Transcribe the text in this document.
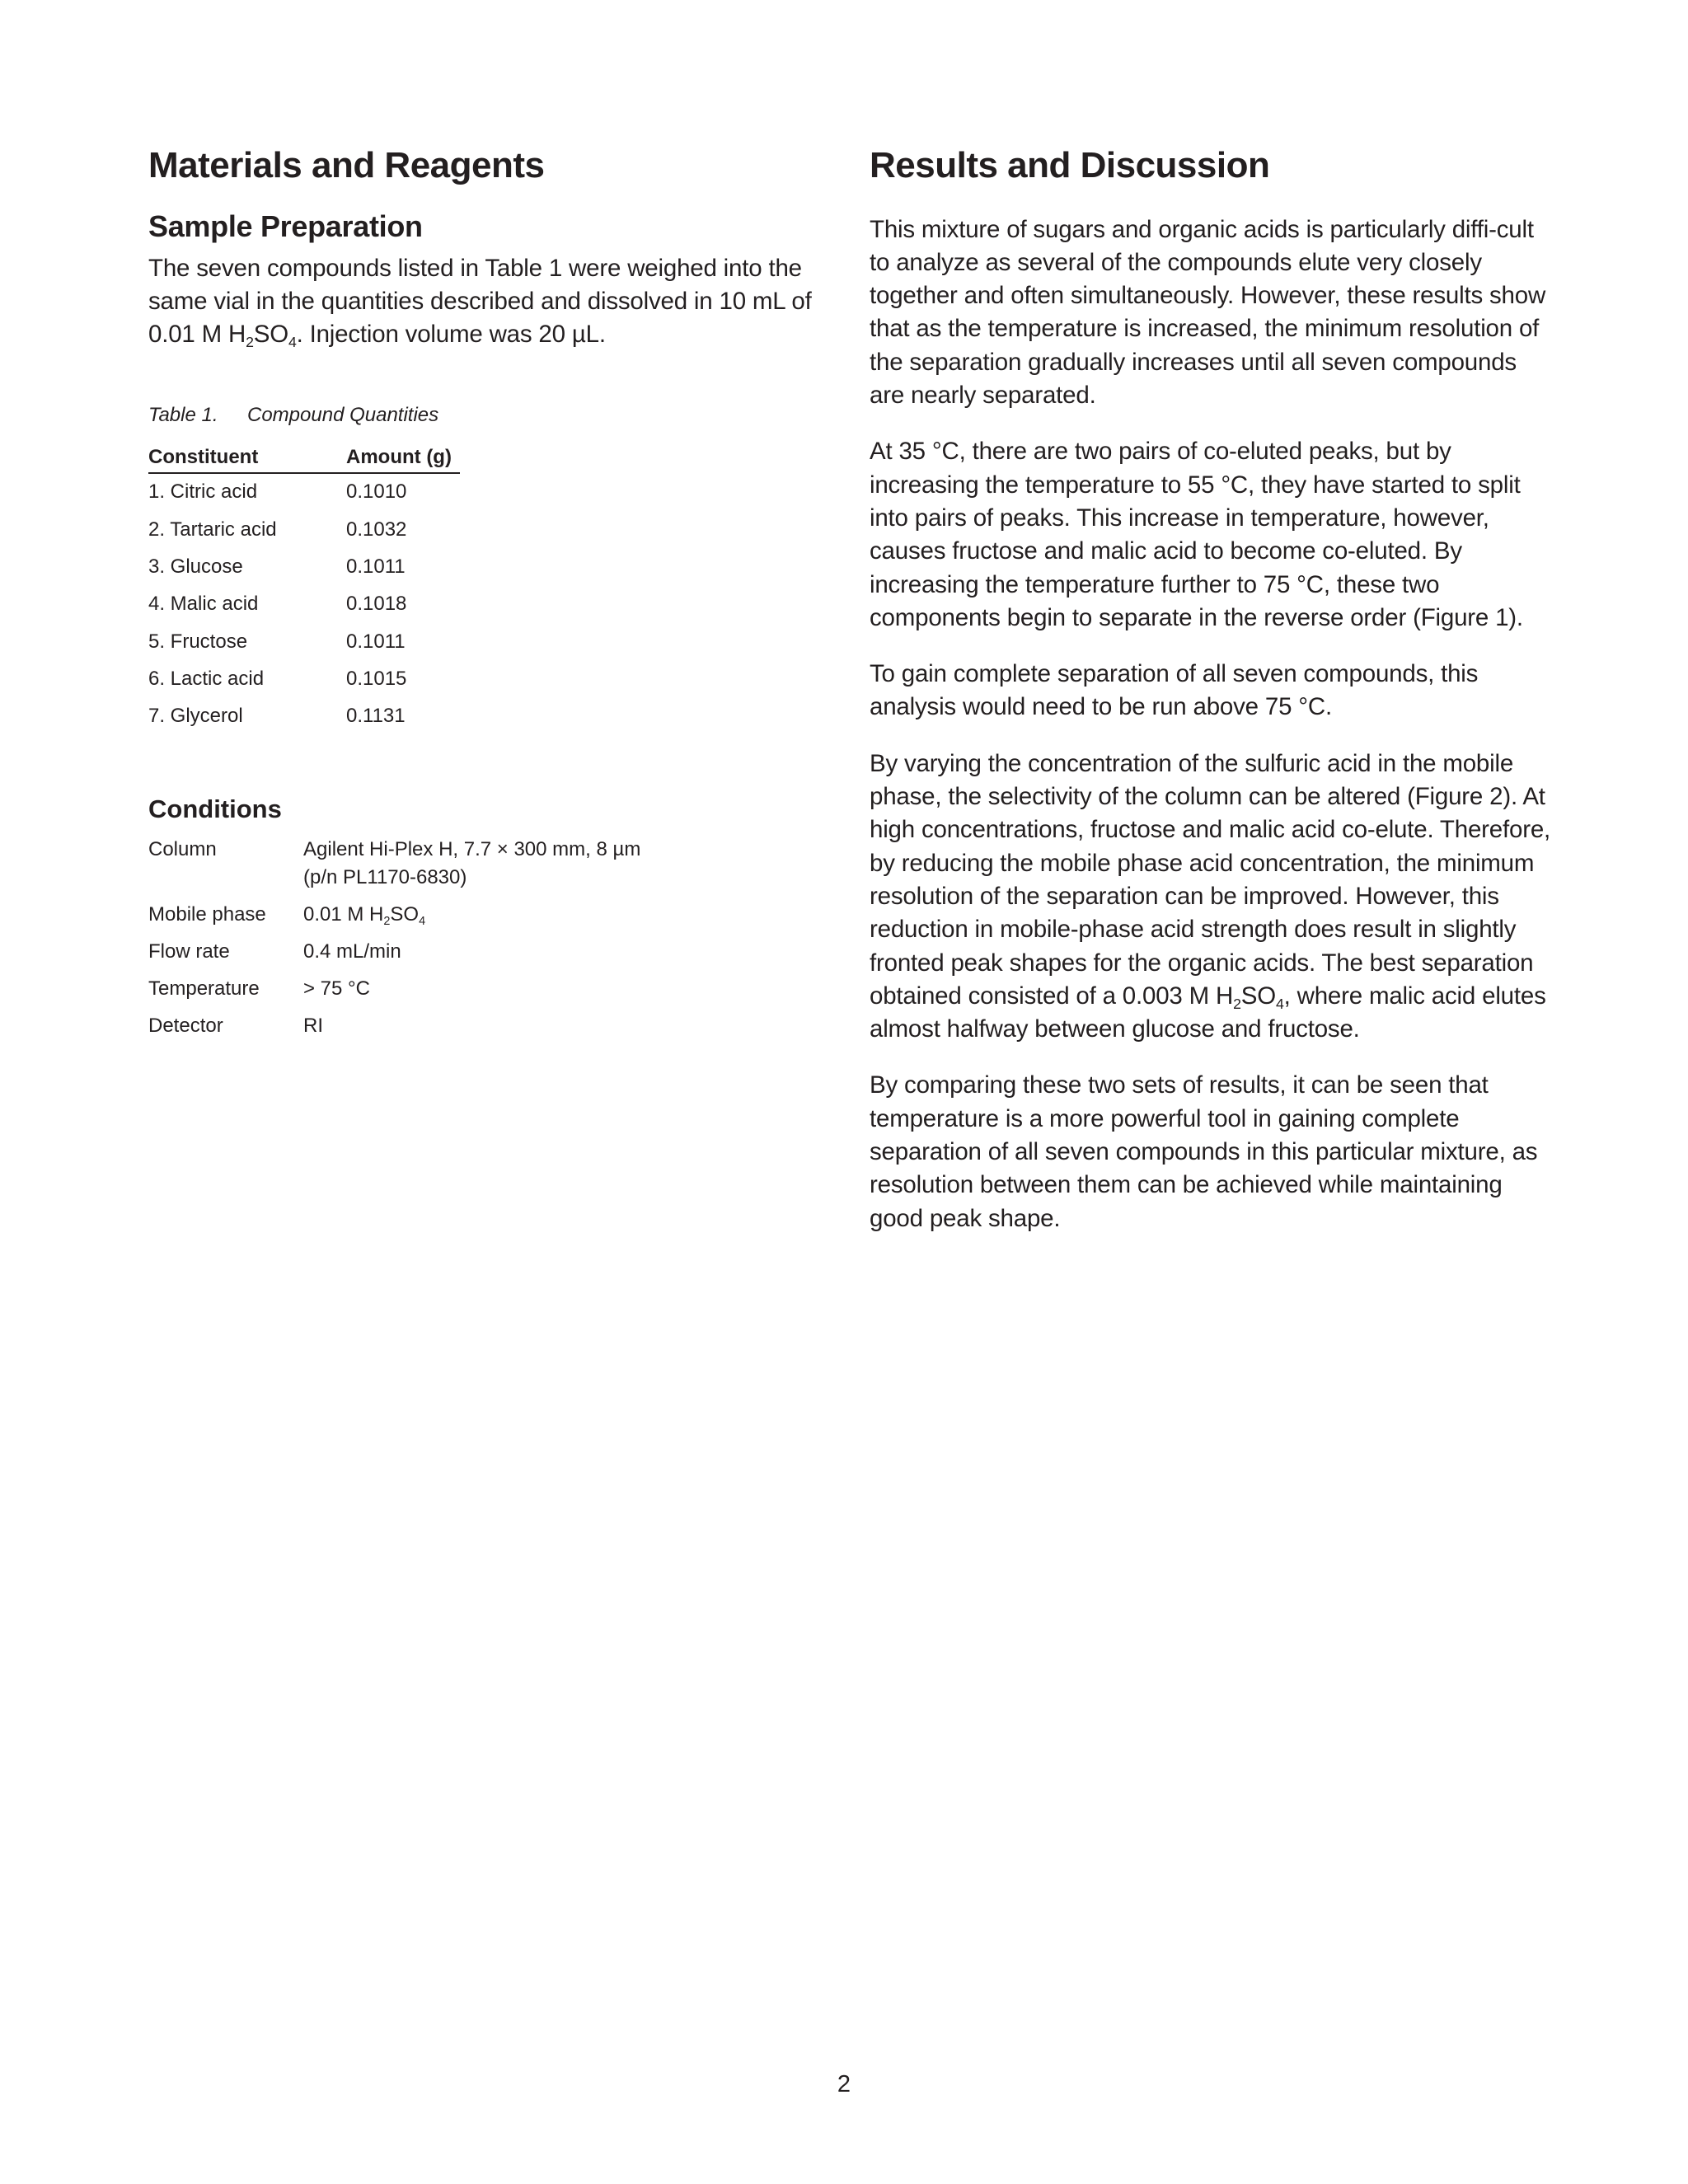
Materials and Reagents
Sample Preparation

The seven compounds listed in Table 1 were weighed into the same vial in the quantities described and dissolved in 10 mL of 0.01 M $H_2SO_4$. Injection volume was 20 µL.

Table 1.	Compound Quantities
Constituent	Amount (g)
1. Citric acid	0.1010
2. Tartaric acid	0.1032
3. Glucose	0.1011
4. Malic acid	0.1018
5. Fructose	0.1011
6. Lactic acid	0.1015
7. Glycerol	0.1131
Conditions
Column	Agilent Hi-Plex H, 7.7 × 300 mm, 8 µm
(p/n PL1170-6830)
Mobile phase	0.01 M $H_2SO_4$
Flow rate	0.4 mL/min
Temperature	> 75 °C
Detector	RI
Results and Discussion

This mixture of sugars and organic acids is particularly diffi-cult to analyze as several of the compounds elute very closely together and often simultaneously. However, these results show that as the temperature is increased, the minimum resolution of the separation gradually increases until all seven compounds are nearly separated.

At 35 °C, there are two pairs of co-eluted peaks, but by increasing the temperature to 55 °C, they have started to split into pairs of peaks. This increase in temperature, however, causes fructose and malic acid to become co-eluted. By increasing the temperature further to 75 °C, these two components begin to separate in the reverse order (Figure 1).

To gain complete separation of all seven compounds, this analysis would need to be run above 75 °C.

By varying the concentration of the sulfuric acid in the mobile phase, the selectivity of the column can be altered (Figure 2). At high concentrations, fructose and malic acid co-elute. Therefore, by reducing the mobile phase acid concentration, the minimum resolution of the separation can be improved. However, this reduction in mobile-phase acid strength does result in slightly fronted peak shapes for the organic acids. The best separation obtained consisted of a 0.003 M $H_2SO_4$, where malic acid elutes almost halfway between glucose and fructose.

By comparing these two sets of results, it can be seen that temperature is a more powerful tool in gaining complete separation of all seven compounds in this particular mixture, as resolution between them can be achieved while maintaining good peak shape.

2
